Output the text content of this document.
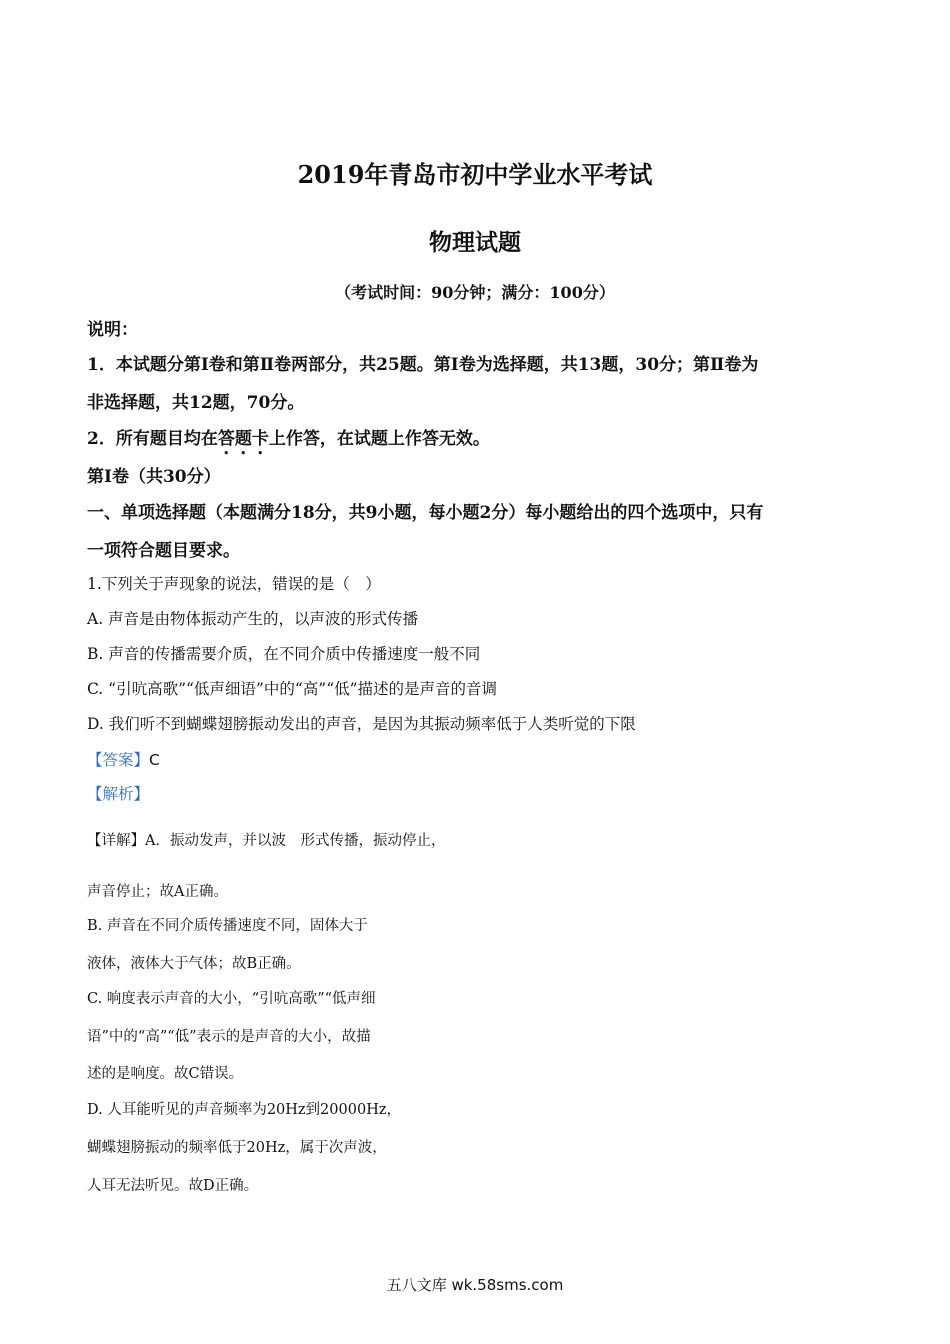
2019年青岛市初中学业水平考试
物理试题
（考试时间：90分钟；满分：100分）
说明：
1．本试题分第Ⅰ卷和第Ⅱ卷两部分，共25题。第Ⅰ卷为选择题，共13题，30分；第Ⅱ卷为
非选择题，共12题，70分。
2．所有题目均在答题卡上作答，在试题上作答无效。
第Ⅰ卷（共30分）
一、单项选择题（本题满分18分，共9小题，每小题2分）每小题给出的四个选项中，只有
一项符合题目要求。
1.下列关于声现象的说法，错误的是（　）
A. 声音是由物体振动产生的，以声波的形式传播
B. 声音的传播需要介质，在不同介质中传播速度一般不同
C. “引吭高歌”“低声细语”中的“高”“低”描述的是声音的音调
D. 我们听不到蝴蝶翅膀振动发出的声音，是因为其振动频率低于人类听觉的下限
【答案】C
【解析】
【详解】A．振动发声，并以波　形式传播，振动停止，
声音停止；故A正确。
B. 声音在不同介质传播速度不同，固体大于
液体，液体大于气体；故B正确。
C. 响度表示声音的大小，“引吭高歌”“低声细
语”中的“高”“低”表示的是声音的大小，故描
述的是响度。故C错误。
D. 人耳能听见的声音频率为20Hz到20000Hz，
蝴蝶翅膀振动的频率低于20Hz，属于次声波，
人耳无法听见。故D正确。
五八文库 wk.58sms.com
